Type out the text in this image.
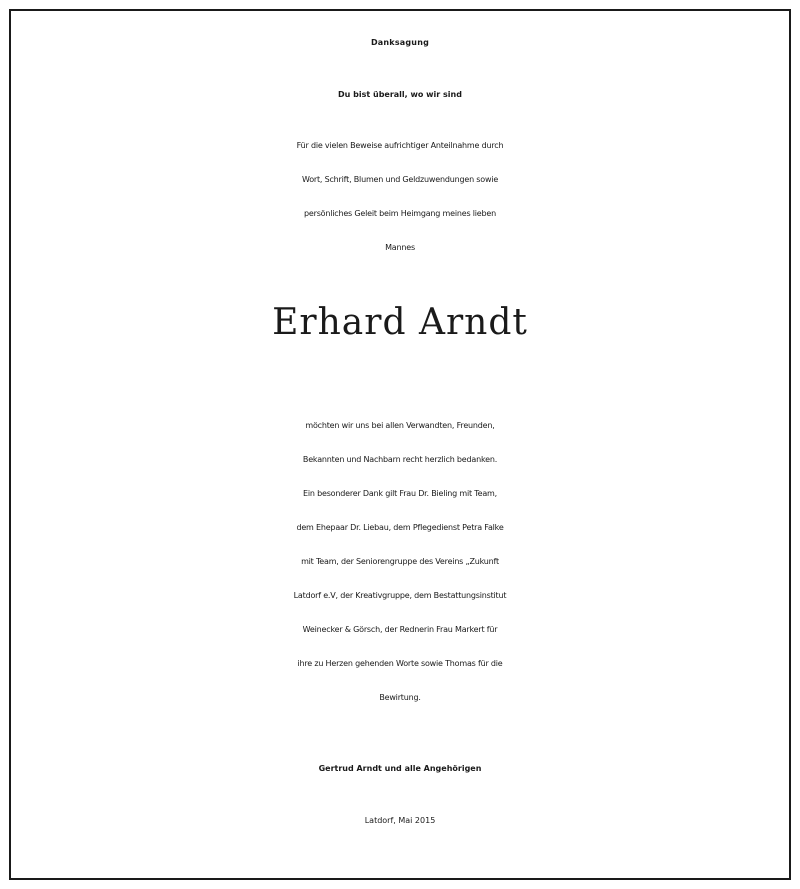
Danksagung
Du bist überall, wo wir sind
Für die vielen Beweise aufrichtiger Anteilnahme durch
Wort, Schrift, Blumen und Geldzuwendungen sowie
persönliches Geleit beim Heimgang meines lieben
Mannes
Erhard Arndt
möchten wir uns bei allen Verwandten, Freunden,
Bekannten und Nachbarn recht herzlich bedanken.
Ein besonderer Dank gilt Frau Dr. Bieling mit Team,
dem Ehepaar Dr. Liebau, dem Pflegedienst Petra Falke
mit Team, der Seniorengruppe des Vereins „Zukunft
Latdorf e.V, der Kreativgruppe, dem Bestattungsinstitut
Weinecker & Görsch, der Rednerin Frau Markert für
ihre zu Herzen gehenden Worte sowie Thomas für die
Bewirtung.
Gertrud Arndt und alle Angehörigen
Latdorf, Mai 2015
